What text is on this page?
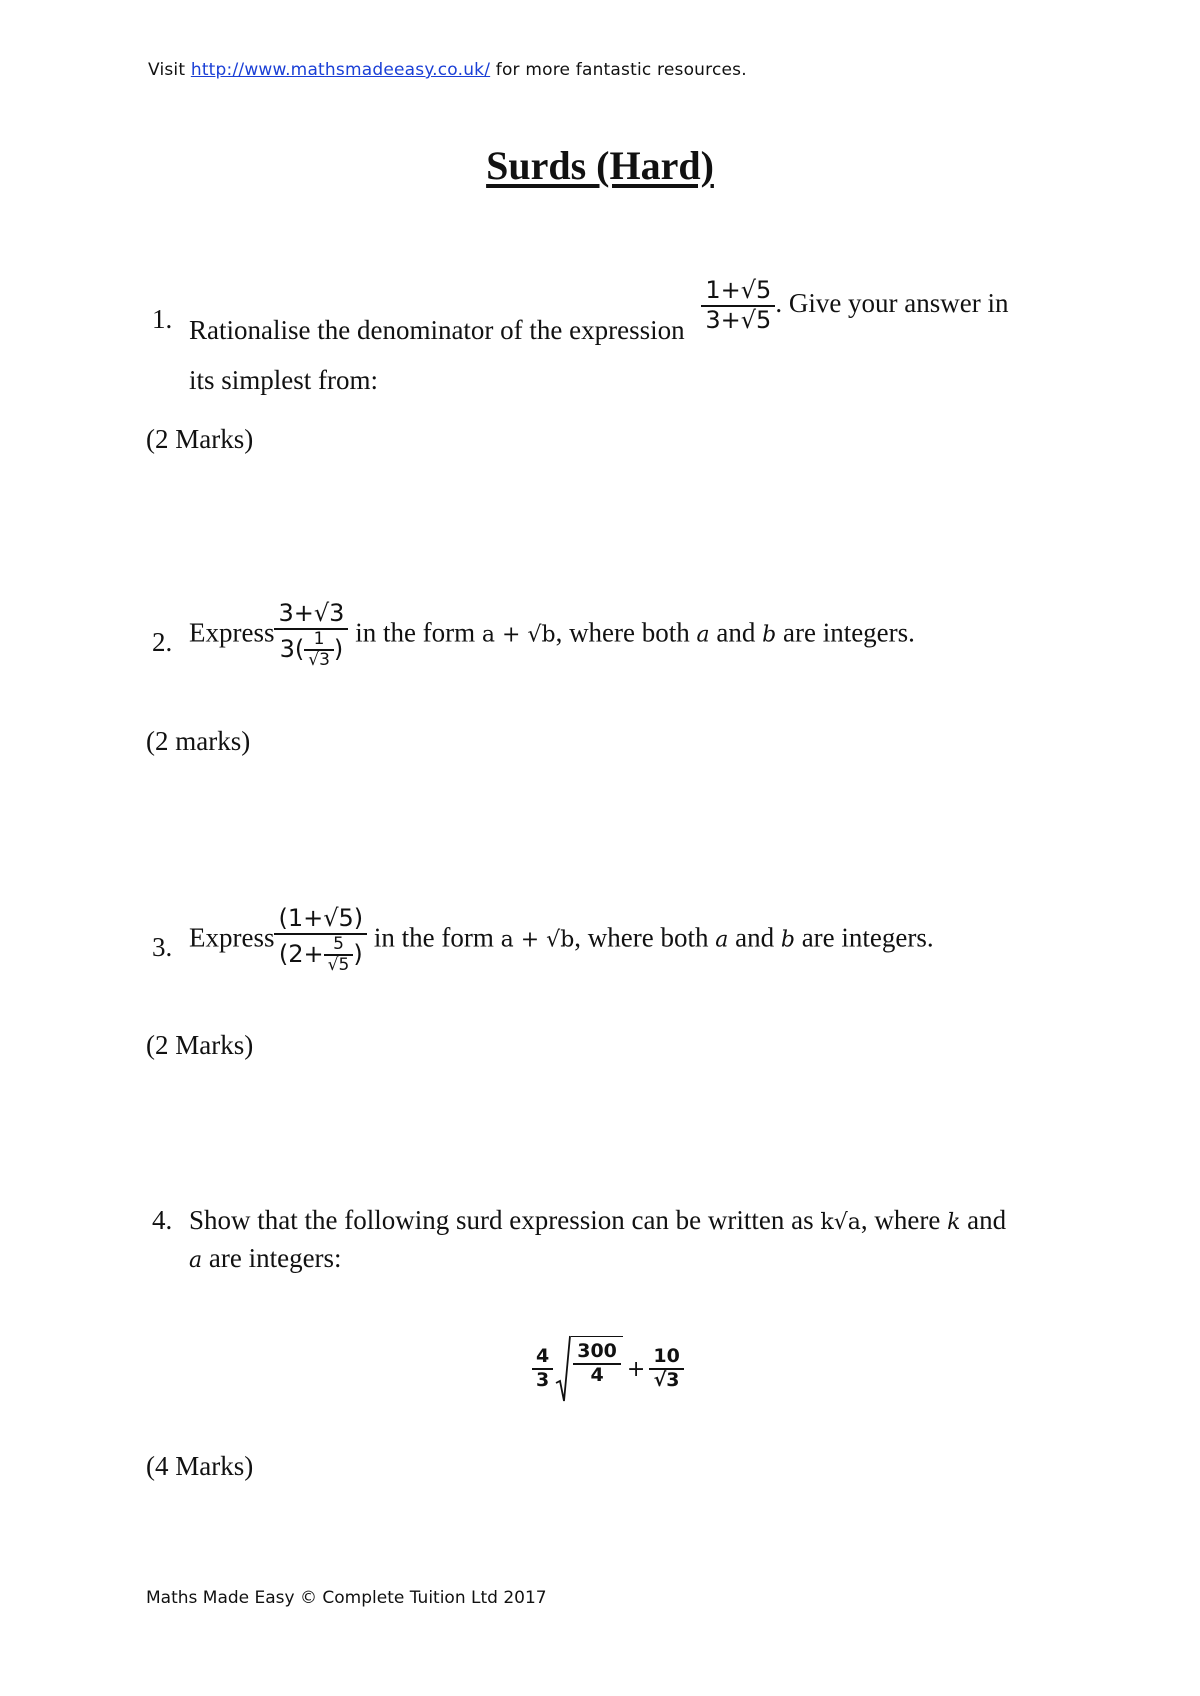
Visit http://www.mathsmadeeasy.co.uk/ for more fantastic resources.
Surds (Hard)
1. Rationalise the denominator of the expression $\frac{1+√5}{3+√5}$ . Give your answer in
its simplest from:
(2 Marks)
2. Express $\frac{3+√3}{3( \frac{1}{√3} )}$ in the form a + √b, where both a and b are integers.
(2 marks)
3. Express $\frac{(1+√5)}{(2+ \frac{5}{√5} )}$ in the form a + √b, where both a and b are integers.
(2 Marks)
4. Show that the following surd expression can be written as k√a, where k and
a are integers:
$\frac{4}{3} \frac{300}{4} + \frac{10}{√3}$
(4 Marks)
Maths Made Easy © Complete Tuition Ltd 2017
